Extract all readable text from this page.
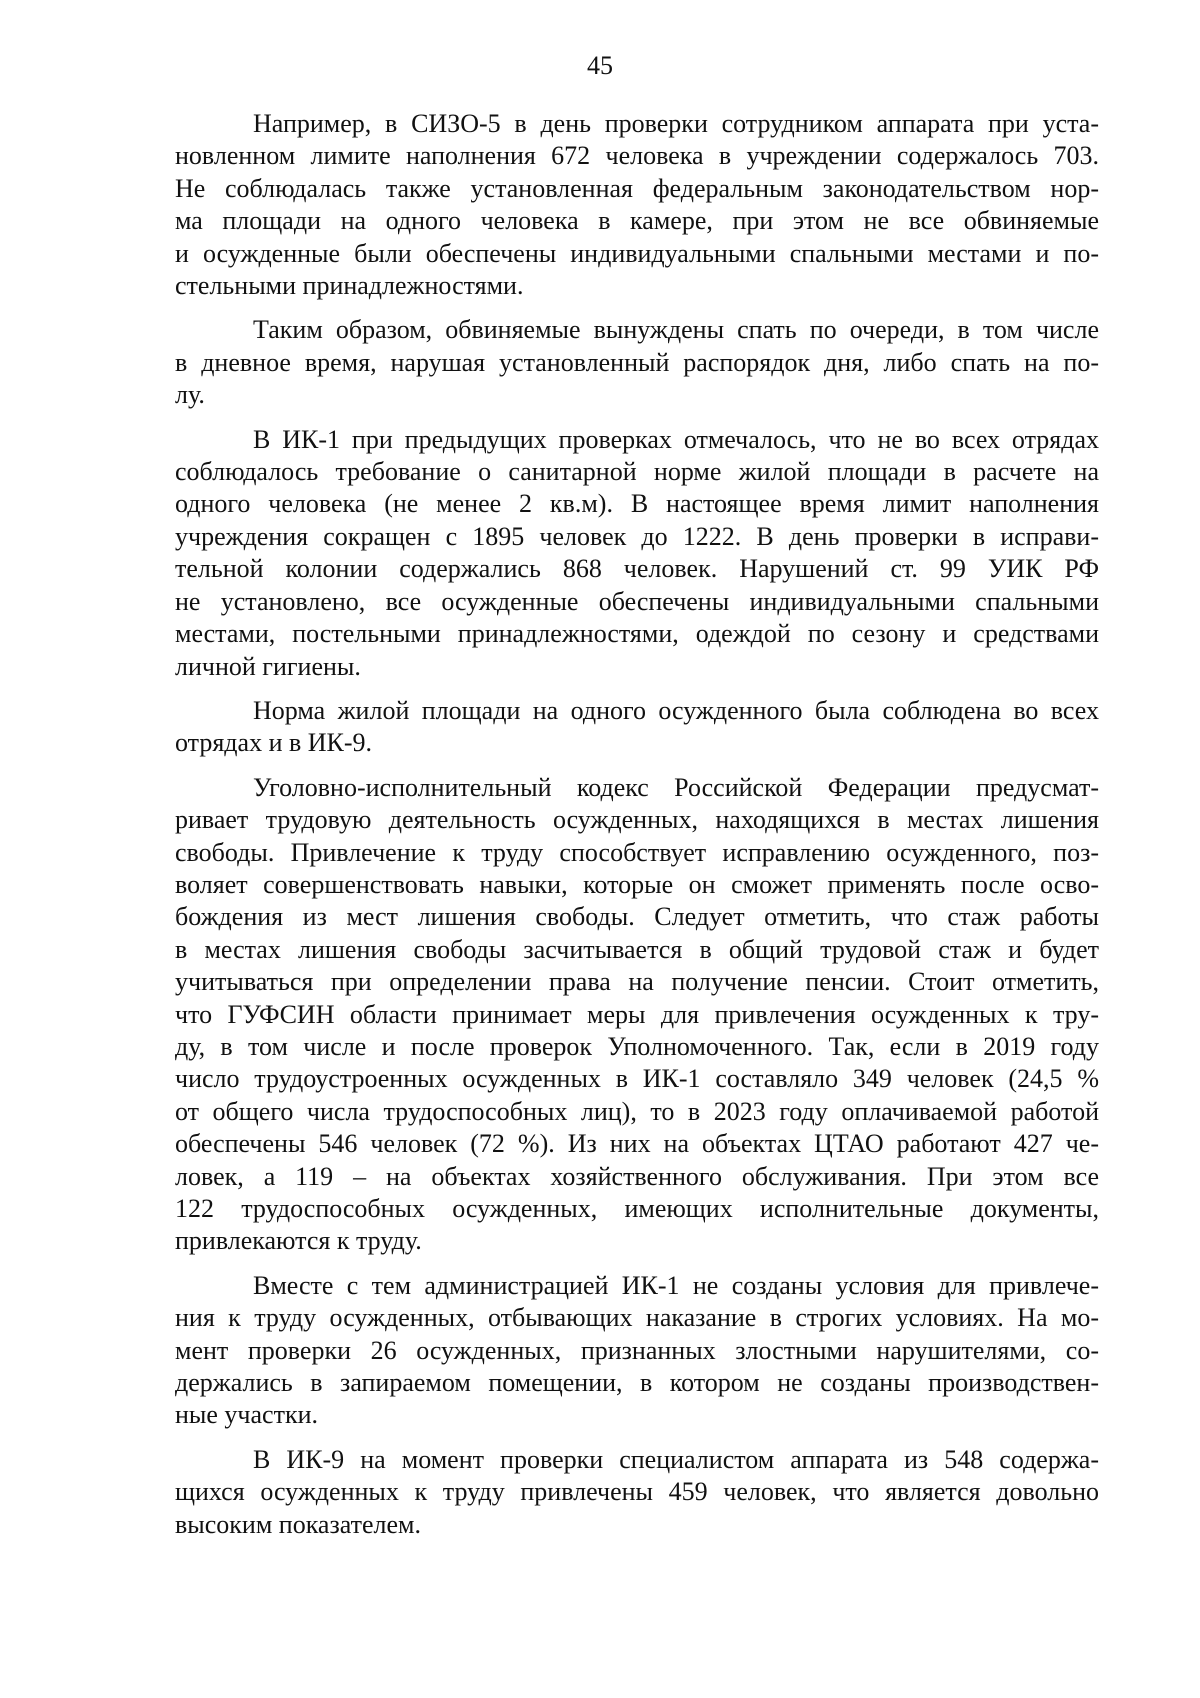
45
Например, в СИЗО-5 в день проверки сотрудником аппарата при уста-
новленном лимите наполнения 672 человека в учреждении содержалось 703.
Не соблюдалась также установленная федеральным законодательством нор-
ма площади на одного человека в камере, при этом не все обвиняемые
и осужденные были обеспечены индивидуальными спальными местами и по-
стельными принадлежностями.
Таким образом, обвиняемые вынуждены спать по очереди, в том числе
в дневное время, нарушая установленный распорядок дня, либо спать на по-
лу.
В ИК-1 при предыдущих проверках отмечалось, что не во всех отрядах
соблюдалось требование о санитарной норме жилой площади в расчете на
одного человека (не менее 2 кв.м). В настоящее время лимит наполнения
учреждения сокращен с 1895 человек до 1222. В день проверки в исправи-
тельной колонии содержались 868 человек. Нарушений ст. 99 УИК РФ
не установлено, все осужденные обеспечены индивидуальными спальными
местами, постельными принадлежностями, одеждой по сезону и средствами
личной гигиены.
Норма жилой площади на одного осужденного была соблюдена во всех
отрядах и в ИК-9.
Уголовно-исполнительный кодекс Российской Федерации предусмат-
ривает трудовую деятельность осужденных, находящихся в местах лишения
свободы. Привлечение к труду способствует исправлению осужденного, поз-
воляет совершенствовать навыки, которые он сможет применять после осво-
бождения из мест лишения свободы. Следует отметить, что стаж работы
в местах лишения свободы засчитывается в общий трудовой стаж и будет
учитываться при определении права на получение пенсии. Стоит отметить,
что ГУФСИН области принимает меры для привлечения осужденных к тру-
ду, в том числе и после проверок Уполномоченного. Так, если в 2019 году
число трудоустроенных осужденных в ИК-1 составляло 349 человек (24,5 %
от общего числа трудоспособных лиц), то в 2023 году оплачиваемой работой
обеспечены 546 человек (72 %). Из них на объектах ЦТАО работают 427 че-
ловек, а 119 – на объектах хозяйственного обслуживания. При этом все
122 трудоспособных осужденных, имеющих исполнительные документы,
привлекаются к труду.
Вместе с тем администрацией ИК-1 не созданы условия для привлече-
ния к труду осужденных, отбывающих наказание в строгих условиях. На мо-
мент проверки 26 осужденных, признанных злостными нарушителями, со-
держались в запираемом помещении, в котором не созданы производствен-
ные участки.
В ИК-9 на момент проверки специалистом аппарата из 548 содержа-
щихся осужденных к труду привлечены 459 человек, что является довольно
высоким показателем.
